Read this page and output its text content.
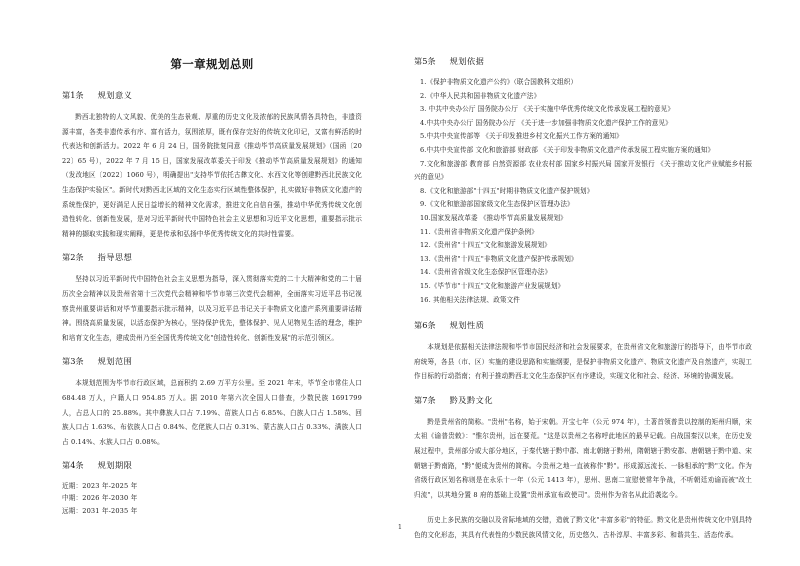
第一章规划总则
第1条 规划意义

黔西北独特的人文风貌、优美的生态景观、厚重的历史文化及浓郁的民族风情各具特色，非遗资源丰富，各类非遗传承有序、富有活力，氛围浓厚，既有保存完好的传统文化印记，又富有鲜活的时代表达和创新活力。2022 年 6 月 24 日，国务院批复同意《推动毕节高质量发展规划》（国函〔2022〕65 号），2022 年 7 月 15 日，国家发展改革委关于印发《推动毕节高质量发展规划》的通知（发改地区〔2022〕1060 号），明确提出"支持毕节依托古彝文化、水西文化等创建黔西北民族文化生态保护实验区"。新时代对黔西北区域的文化生态实行区域性整体保护，扎实做好非物质文化遗产的系统性保护，更好满足人民日益增长的精神文化需求，推进文化自信自强，推动中华优秀传统文化创造性转化、创新性发展，是对习近平新时代中国特色社会主义思想和习近平文化思想，重要指示批示精神的撷取实践和现实阐释，更是传承和弘扬中华优秀传统文化的共时性雷要。

第2条 指导思想

坚持以习近平新时代中国特色社会主义思想为指导，深入贯彻落实党的二十大精神和党的二十届历次全会精神以及贵州省第十三次党代会精神和毕节市第三次党代会精神，全面落实习近平总书记视察贵州重要讲话和对毕节重要指示批示精神，以及习近平总书记关于非物质文化遗产系列重要讲话精神。围绕高质量发展，以活态保护为核心，坚持保护优先，整体保护、见人见物见生活的理念，维护和培育文化生态，建成贵州乃至全国优秀传统文化"创造性转化、创新性发展"的示范引领区。

第3条 规划范围

本规划范围为毕节市行政区域，总面积约 2.69 万平方公里。至 2021 年末，毕节全市常住人口 684.48 万人，户籍人口 954.85 万人。据 2010 年第六次全国人口普查，少数民族 1691799 人，占总人口的 25.88%。其中彝族人口占 7.19%、苗族人口占 6.85%、白族人口占 1.58%、回族人口占 1.63%、布依族人口占 0.84%、仡佬族人口占 0.31%、蒙古族人口占 0.33%、满族人口占 0.14%、水族人口占 0.08%。

第4条 规划期限
近期：2023 年-2025 年
中期：2026 年-2030 年
远期：2031 年-2035 年
第5条 规划依据
1.《保护非物质文化遗产公约》（联合国教科文组织）
2.《中华人民共和国非物质文化遗产法》
3. 中共中央办公厅 国务院办公厅 《关于实施中华优秀传统文化传承发展工程的意见》
4.中共中央办公厅 国务院办公厅 《关于进一步加强非物质文化遗产保护工作的意见》
5.中共中央宣传部等 《关于印发推进乡村文化振兴工作方案的通知》
6.中共中央宣传部 文化和旅游部 财政部 《关于印发非物质文化遗产传承发展工程实施方案的通知》
7.文化和旅游部 教育部 自然资源部 农业农村部 国家乡村振兴局 国家开发银行 《关于推动文化产业赋能乡村振兴的意见》
8.《文化和旅游部"十四五"时期非物质文化遗产保护规划》
9.《文化和旅游部国家级文化生态保护区管理办法》
10.国家发展改革委 《推动毕节高质量发展规划》
11.《贵州省非物质文化遗产保护条例》
12.《贵州省"十四五"文化和旅游发展规划》
13.《贵州省"十四五"非物质文化遗产保护传承规划》
14.《贵州省省级文化生态保护区管理办法》
15.《毕节市"十四五"文化和旅游产业发展规划》
16. 其他相关法律法规、政策文件
第6条 规划性质

本规划是依据相关法律法规和毕节市国民经济和社会发展要求，在贵州省文化和旅游厅的指导下，由毕节市政府统筹，各县（市、区）实施的建设思路和实施纲要，是保护非物质文化遗产、物质文化遗产及自然遗产，实现工作目标的行动指南；有利于推动黔西北文化生态保护区有序建设，实现文化和社会、经济、环境的协调发展。

第7条 黔及黔文化

黔是贵州省的简称。"贵州"名称，始于宋朝。开宝七年（公元 974 年），土著首领普贵以控制的矩州归顺，宋太祖《谕普贵敕》："惟尔贵州，远在要荒。"这是以贵州之名称呼此地区的最早记载。自战国秦汉以来，在历史发展过程中，贵州部分或大部分地区，于秦代辖于黔中郡、南北朝辖于黔州，隋朝辖于黔安郡、唐朝辖于黔中道、宋朝辖于黔南路，"黔"便成为贵州的简称。今贵州之地一直被称作"黔"。形成源远流长、一脉相承的"黔"文化。作为省级行政区划名称则是在永乐十一年（公元 1413 年），思州、思南二宣慰使常年争战，不听朝廷劝谕而被"改土归流"，以其地分置 8 府的基础上设置"贵州承宣布政使司"。贵州作为省名从此沿袭迄今。

历史上多民族的交融以及省际地域的交错，造就了黔文化"丰富多彩"的特征。黔文化是贵州传统文化中别具特色的文化形态，其具有代表性的少数民族风情文化，历史悠久、古朴淳厚、丰富多彩、和谐共生、活态传承。

1
